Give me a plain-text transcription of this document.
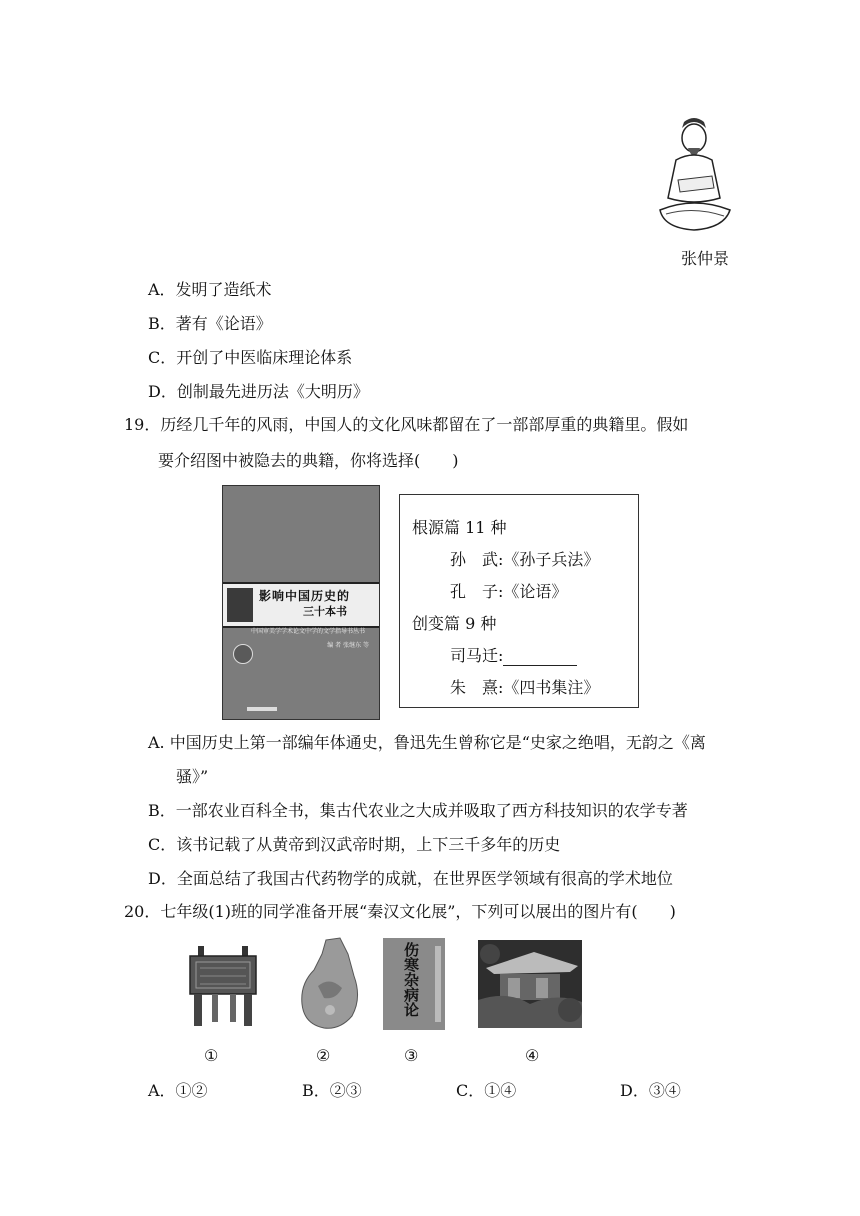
张仲景
A．发明了造纸术
B．著有《论语》
C．开创了中医临床理论体系
D．创制最先进历法《大明历》
19．历经几千年的风雨，中国人的文化风味都留在了一部部厚重的典籍里。假如
要介绍图中被隐去的典籍，你将选择(　　)
影响中国历史的
三十本书
中国审美学学术论文中学的文学指导书丛书
编 者 张继东 等
根源篇 11 种
孙　武:《孙子兵法》
孔　子:《论语》
创变篇 9 种
司马迁:
朱　熹:《四书集注》
A. 中国历史上第一部编年体通史，鲁迅先生曾称它是“史家之绝唱，无韵之《离
骚》”
B．一部农业百科全书，集古代农业之大成并吸取了西方科技知识的农学专著
C．该书记载了从黄帝到汉武帝时期，上下三千多年的历史
D．全面总结了我国古代药物学的成就，在世界医学领域有很高的学术地位
20．七年级(1)班的同学准备开展“秦汉文化展”，下列可以展出的图片有(　　)
伤寒杂病论
①	②	③	④
A．①②	B．②③	C．①④	D．③④
